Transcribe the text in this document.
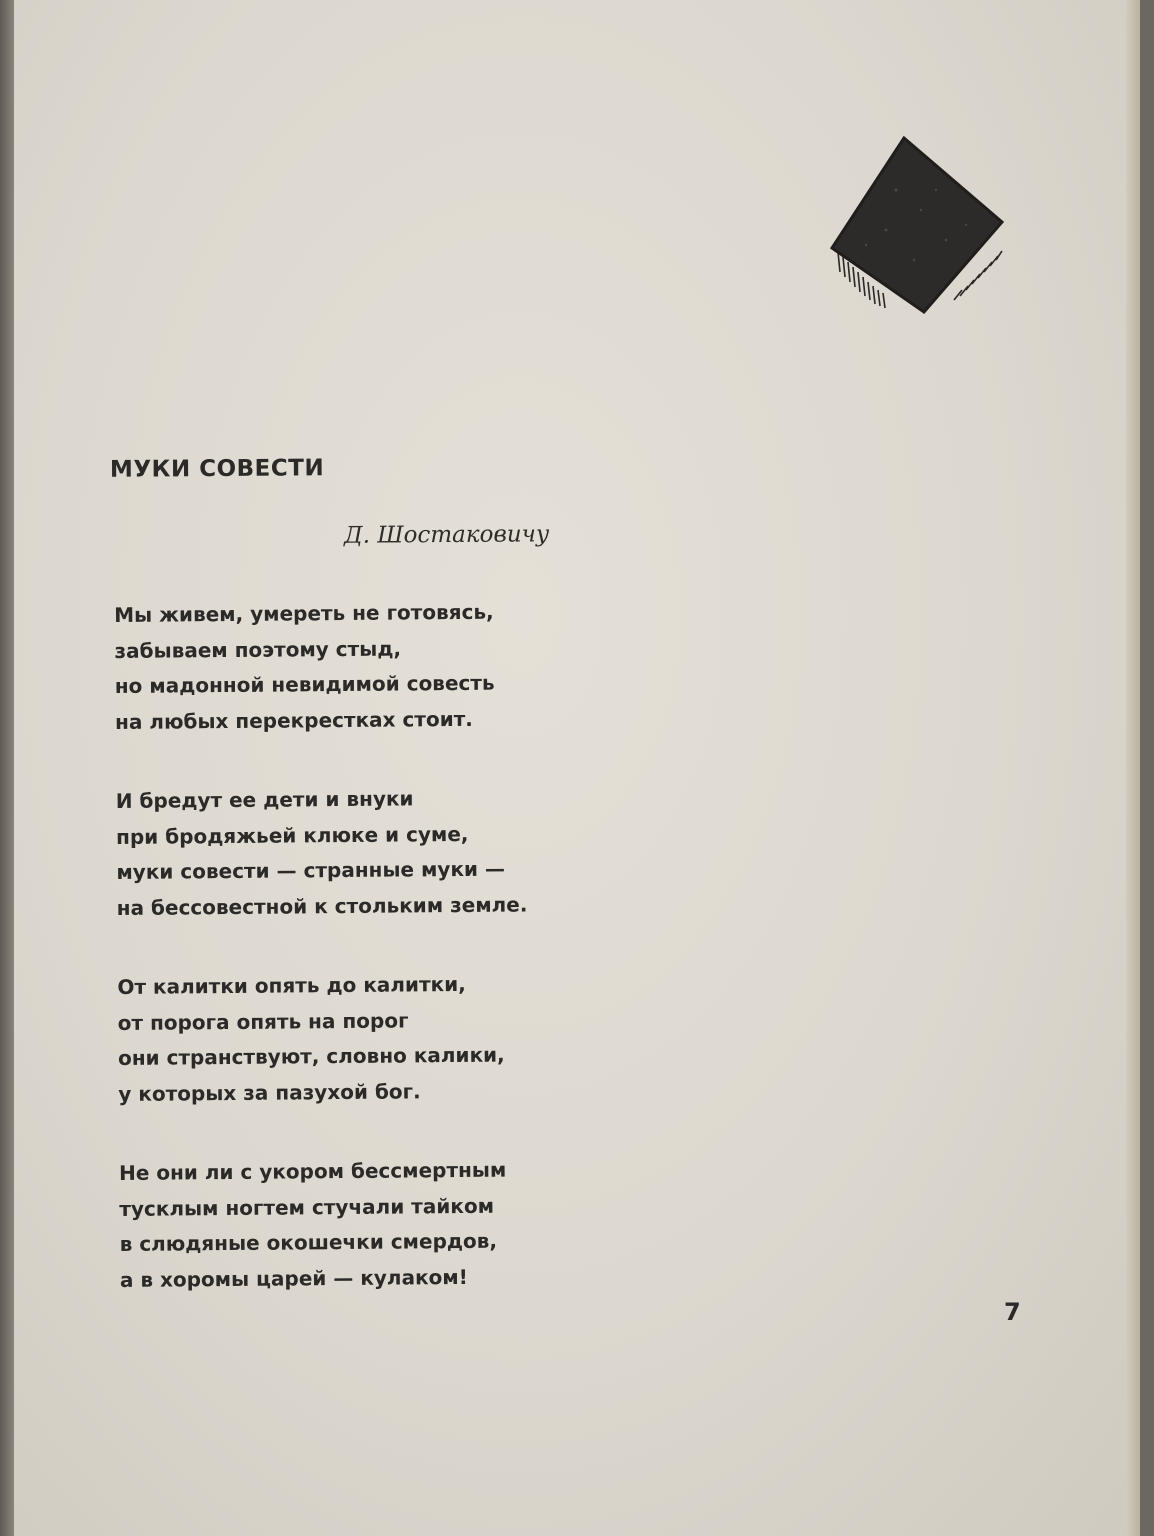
МУКИ СОВЕСТИ
Д. Шостаковичу
Мы живем, умереть не готовясь,
забываем поэтому стыд,
но мадонной невидимой совесть
на любых перекрестках стоит.
И бредут ее дети и внуки
при бродяжьей клюке и суме,
муки совести — странные муки —
на бессовестной к стольким земле.
От калитки опять до калитки,
от порога опять на порог
они странствуют, словно калики,
у которых за пазухой бог.
Не они ли с укором бессмертным
тусклым ногтем стучали тайком
в слюдяные окошечки смердов,
а в хоромы царей — кулаком!
7
